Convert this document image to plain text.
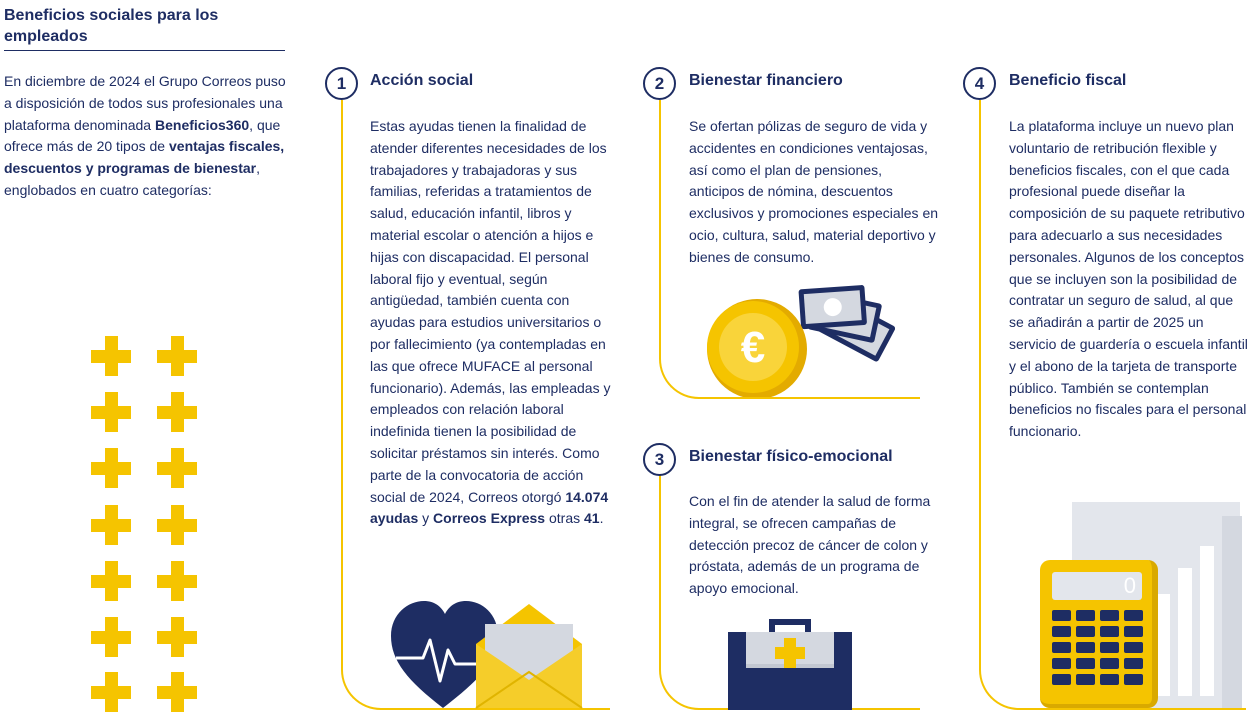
Beneficios sociales para los empleados
En diciembre de 2024 el Grupo Correos puso a disposición de todos sus profesionales una plataforma denominada Beneficios360, que ofrece más de 20 tipos de ventajas fiscales, descuentos y programas de bienestar, englobados en cuatro categorías:
1	Acción social
Estas ayudas tienen la finalidad de atender diferentes necesidades de los trabajadores y trabajadoras y sus familias, referidas a tratamientos de salud, educación infantil, libros y material escolar o atención a hijos e hijas con discapacidad. El personal laboral fijo y eventual, según antigüedad, también cuenta con ayudas para estudios universitarios o por fallecimiento (ya contempladas en las que ofrece MUFACE al personal funcionario). Además, las empleadas y empleados con relación laboral indefinida tienen la posibilidad de solicitar préstamos sin interés. Como parte de la convocatoria de acción social de 2024, Correos otorgó 14.074 ayudas y Correos Express otras 41.
2	Bienestar financiero
Se ofertan pólizas de seguro de vida y accidentes en condiciones ventajosas, así como el plan de pensiones, anticipos de nómina, descuentos exclusivos y promociones especiales en ocio, cultura, salud, material deportivo y bienes de consumo.
€
3	Bienestar físico-emocional
Con el fin de atender la salud de forma integral, se ofrecen campañas de detección precoz de cáncer de colon y próstata, además de un programa de apoyo emocional.
4	Beneficio fiscal
La plataforma incluye un nuevo plan voluntario de retribución flexible y beneficios fiscales, con el que cada profesional puede diseñar la composición de su paquete retributivo para adecuarlo a sus necesidades personales. Algunos de los conceptos que se incluyen son la posibilidad de contratar un seguro de salud, al que se añadirán a partir de 2025 un servicio de guardería o escuela infantil y el abono de la tarjeta de transporte público. También se contemplan beneficios no fiscales para el personal funcionario.
0
